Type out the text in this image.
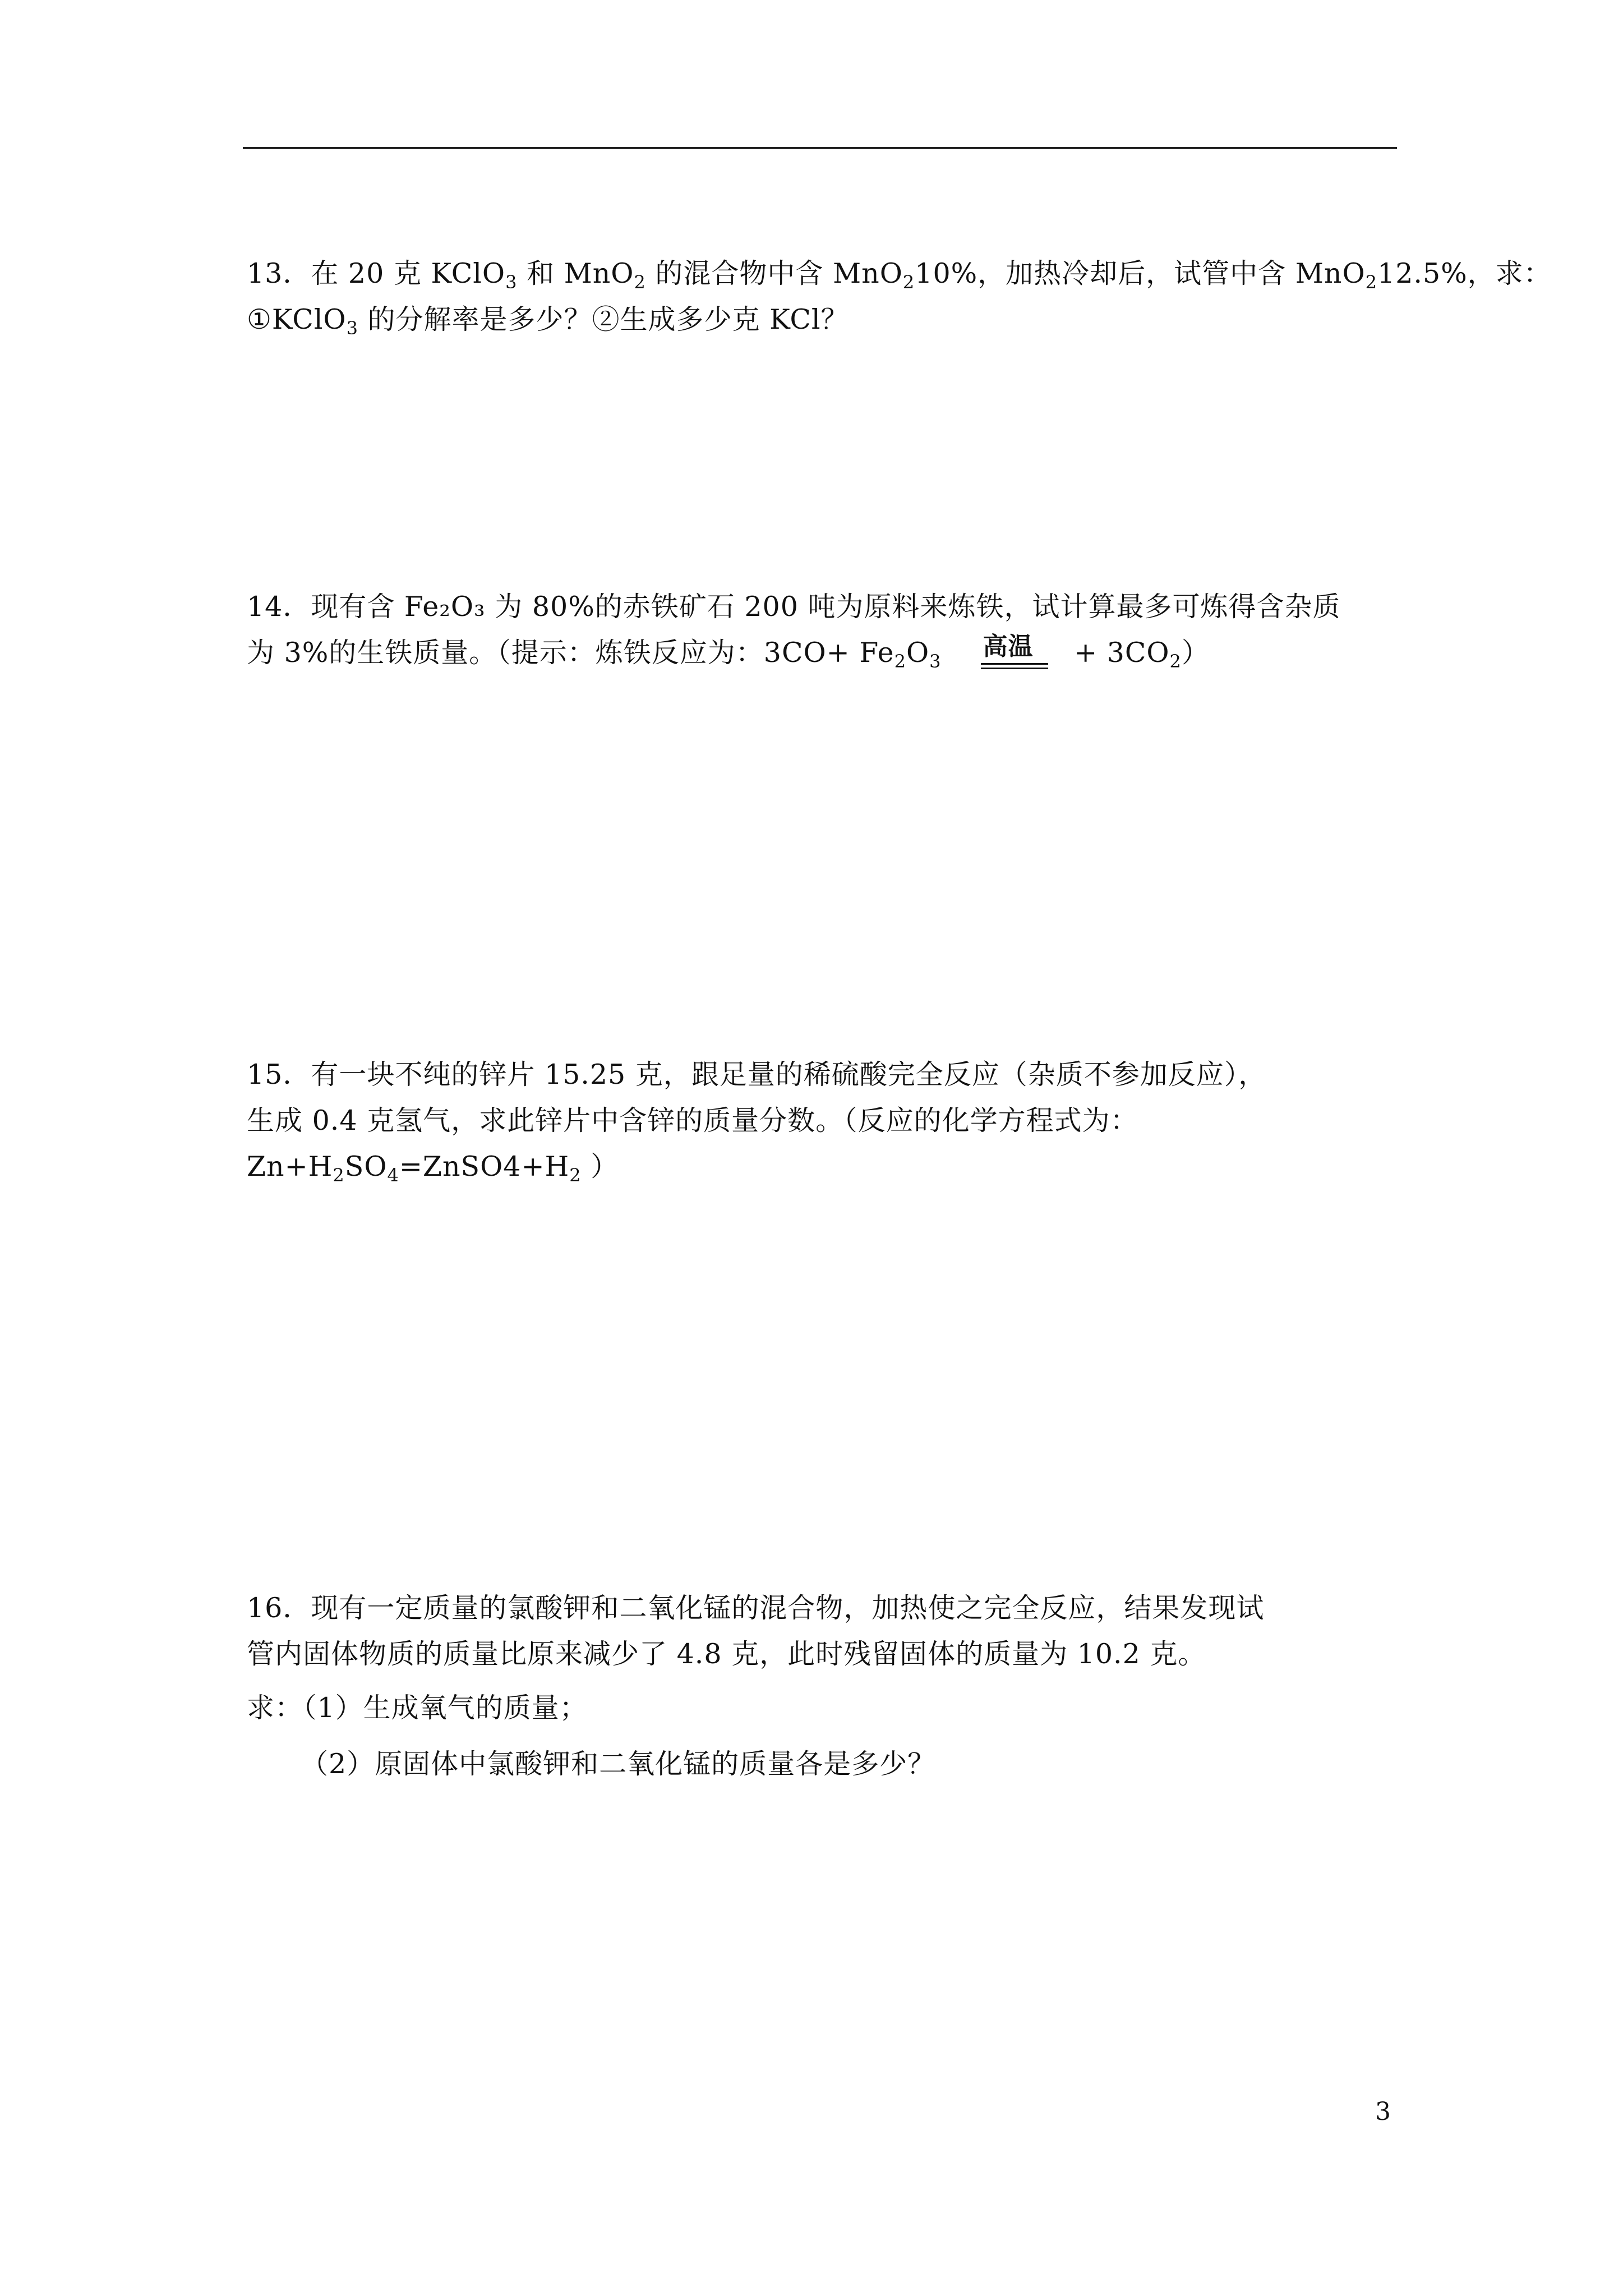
13．在 20 克 KClO$_3$ 和 MnO$_2$ 的混合物中含 MnO$_2$10%，加热冷却后，试管中含 MnO$_2$12.5%，求：
①KClO$_3$ 的分解率是多少？②生成多少克 KCl？
14．现有含 Fe₂O₃ 为 80%的赤铁矿石 200 吨为原料来炼铁，试计算最多可炼得含杂质
为 3%的生铁质量。（提示：炼铁反应为：$3CO+ Fe_2O_3$
高温 + $3CO_2$）
15．有一块不纯的锌片 15.25 克，跟足量的稀硫酸完全反应（杂质不参加反应），
生成 0.4 克氢气，求此锌片中含锌的质量分数。（反应的化学方程式为：
$Zn+H_2SO_4=ZnSO4+H_2$ ）
16．现有一定质量的氯酸钾和二氧化锰的混合物，加热使之完全反应，结果发现试
管内固体物质的质量比原来减少了 4.8 克，此时残留固体的质量为 10.2 克。
求：（1）生成氧气的质量；
（2）原固体中氯酸钾和二氧化锰的质量各是多少？
3
